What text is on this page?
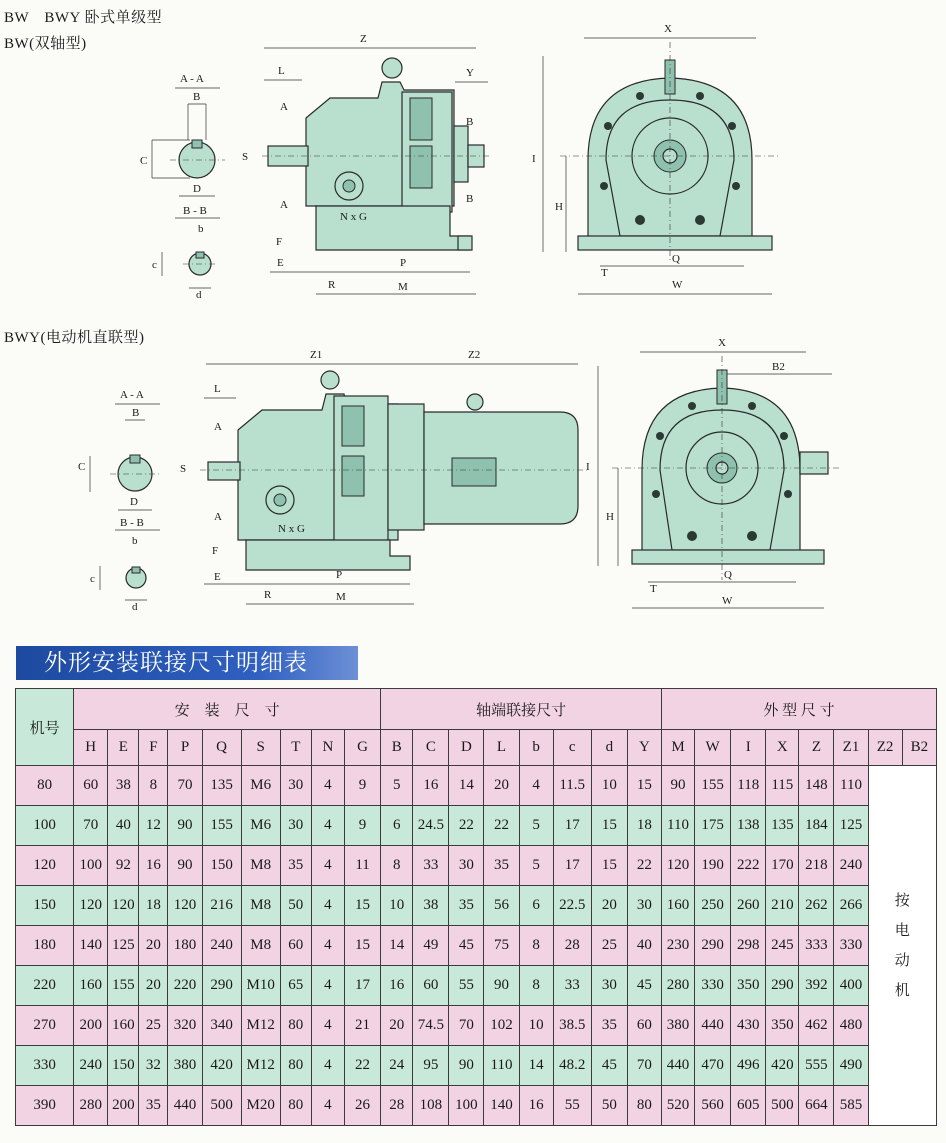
BW　BWY 卧式单级型
BW(双轴型)
BWY(电动机直联型)
A - A
B
C
D
B - B
b
c
d
Z
L	Y
N x G
A
A
B
B
S
F
E	P
R	M
X
I
H
Q
T
W
A - A
B
C
D
B - B
b
c
d
Z1	Z2
L
N x G
A
A
S
F
E	P
R	M
X
B2
I
H
Q
T
W
外形安装联接尺寸明细表
机号	安　装　尺　寸									轴端联接尺寸								外 型 尺 寸							
	H	E	F	P	Q	S	T	N	G	B	C	D	L	b	c	d	Y	M	W	I	X	Z	Z1	Z2	B2
80	60	38	8	70	135	M6	30	4	9	5	16	14	20	4	11.5	10	15	90	155	118	115	148	110	按
电
动
机	

100	70	40	12	90	155	M6	30	4	9	6	24.5	22	22	5	17	15	18	110	175	138	135	184	125		
120	100	92	16	90	150	M8	35	4	11	8	33	30	35	5	17	15	22	120	190	222	170	218	240		
150	120	120	18	120	216	M8	50	4	15	10	38	35	56	6	22.5	20	30	160	250	260	210	262	266		
180	140	125	20	180	240	M8	60	4	15	14	49	45	75	8	28	25	40	230	290	298	245	333	330		
220	160	155	20	220	290	M10	65	4	17	16	60	55	90	8	33	30	45	280	330	350	290	392	400		
270	200	160	25	320	340	M12	80	4	21	20	74.5	70	102	10	38.5	35	60	380	440	430	350	462	480		
330	240	150	32	380	420	M12	80	4	22	24	95	90	110	14	48.2	45	70	440	470	496	420	555	490		
390	280	200	35	440	500	M20	80	4	26	28	108	100	140	16	55	50	80	520	560	605	500	664	585		
